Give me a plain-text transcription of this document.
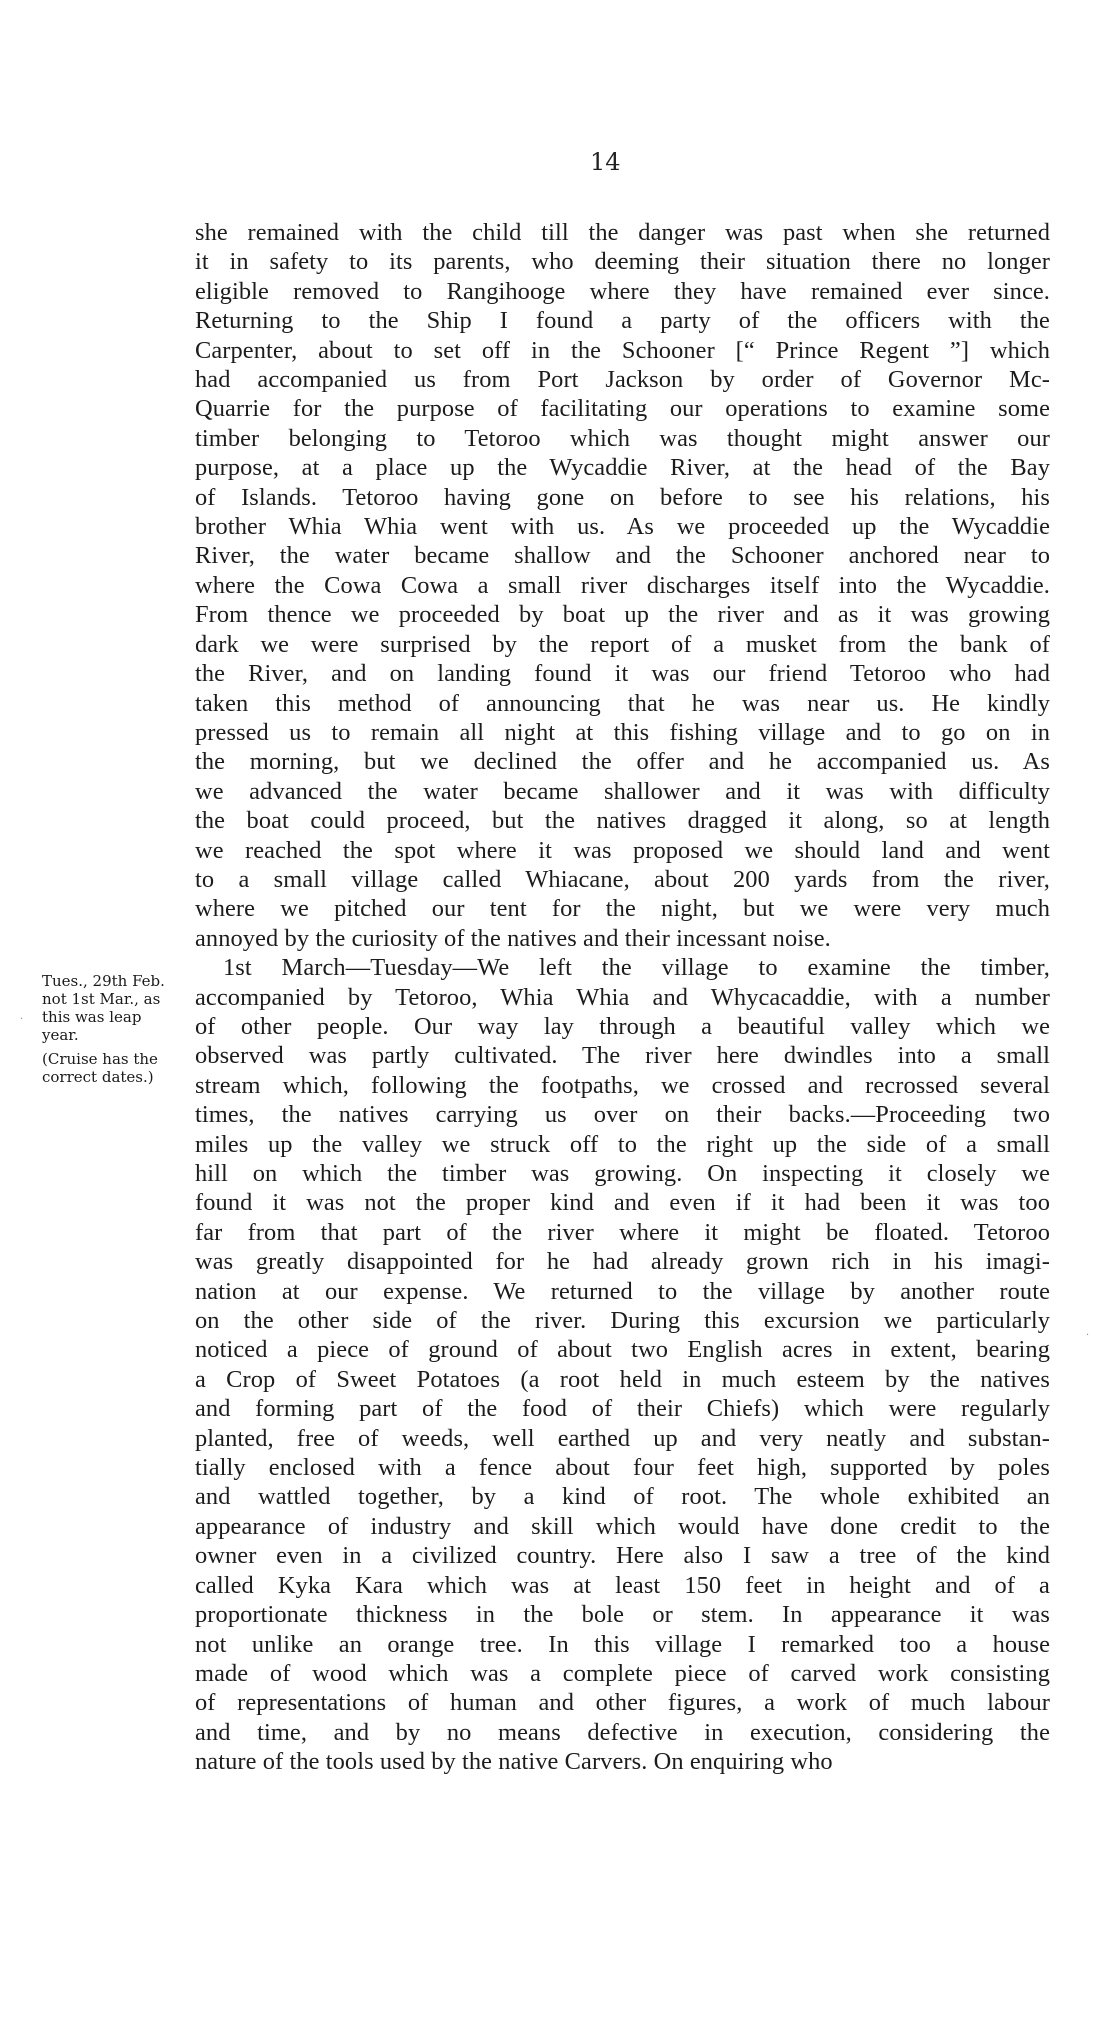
14
Tues., 29th Feb.
not 1st Mar., as
this was leap
year.
(Cruise has the
correct dates.)
·
·
she remained with the child till the danger was past when she returned
it in safety to its parents, who deeming their situation there no longer
eligible removed to Rangihooge where they have remained ever since.
Returning to the Ship I found a party of the officers with the
Carpenter, about to set off in the Schooner [“ Prince Regent ”] which
had accompanied us from Port Jackson by order of Governor Mc-
Quarrie for the purpose of facilitating our operations to examine some
timber belonging to Tetoroo which was thought might answer our
purpose, at a place up the Wycaddie River, at the head of the Bay
of Islands. Tetoroo having gone on before to see his relations, his
brother Whia Whia went with us. As we proceeded up the Wycaddie
River, the water became shallow and the Schooner anchored near to
where the Cowa Cowa a small river discharges itself into the Wycaddie.
From thence we proceeded by boat up the river and as it was growing
dark we were surprised by the report of a musket from the bank of
the River, and on landing found it was our friend Tetoroo who had
taken this method of announcing that he was near us. He kindly
pressed us to remain all night at this fishing village and to go on in
the morning, but we declined the offer and he accompanied us. As
we advanced the water became shallower and it was with difficulty
the boat could proceed, but the natives dragged it along, so at length
we reached the spot where it was proposed we should land and went
to a small village called Whiacane, about 200 yards from the river,
where we pitched our tent for the night, but we were very much
annoyed by the curiosity of the natives and their incessant noise.
1st March—Tuesday—We left the village to examine the timber,
accompanied by Tetoroo, Whia Whia and Whycacaddie, with a number
of other people. Our way lay through a beautiful valley which we
observed was partly cultivated. The river here dwindles into a small
stream which, following the footpaths, we crossed and recrossed several
times, the natives carrying us over on their backs.—Proceeding two
miles up the valley we struck off to the right up the side of a small
hill on which the timber was growing. On inspecting it closely we
found it was not the proper kind and even if it had been it was too
far from that part of the river where it might be floated. Tetoroo
was greatly disappointed for he had already grown rich in his imagi-
nation at our expense. We returned to the village by another route
on the other side of the river. During this excursion we particularly
noticed a piece of ground of about two English acres in extent, bearing
a Crop of Sweet Potatoes (a root held in much esteem by the natives
and forming part of the food of their Chiefs) which were regularly
planted, free of weeds, well earthed up and very neatly and substan-
tially enclosed with a fence about four feet high, supported by poles
and wattled together, by a kind of root. The whole exhibited an
appearance of industry and skill which would have done credit to the
owner even in a civilized country. Here also I saw a tree of the kind
called Kyka Kara which was at least 150 feet in height and of a
proportionate thickness in the bole or stem. In appearance it was
not unlike an orange tree. In this village I remarked too a house
made of wood which was a complete piece of carved work consisting
of representations of human and other figures, a work of much labour
and time, and by no means defective in execution, considering the
nature of the tools used by the native Carvers. On enquiring who
